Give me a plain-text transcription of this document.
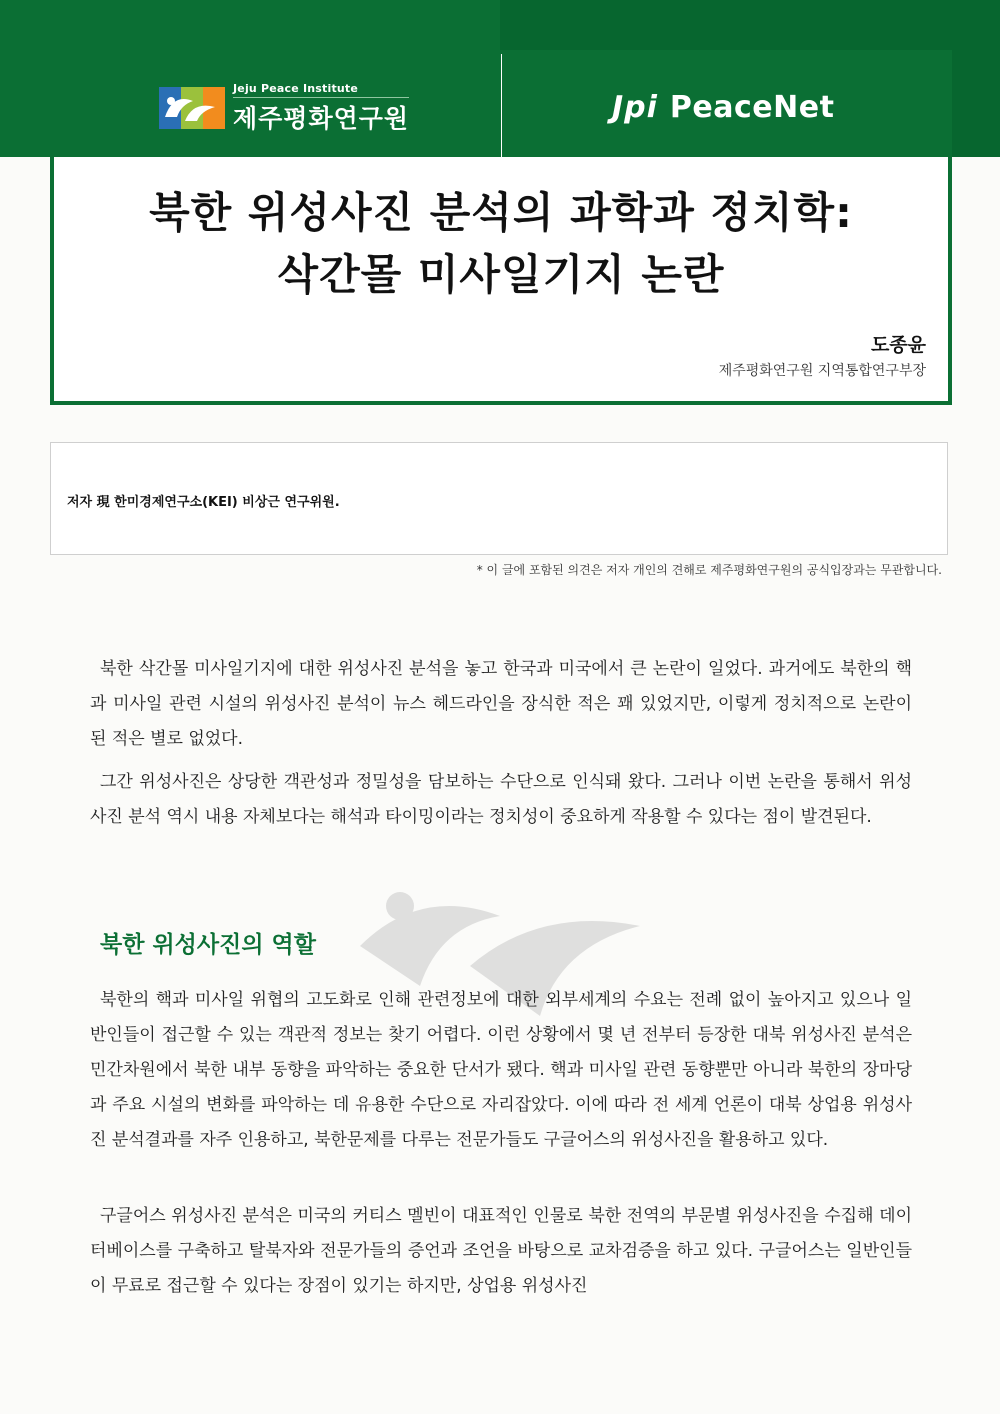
Jeju Peace Institute
제주평화연구원	Jpi PeaceNet
북한 위성사진 분석의 과학과 정치학:
삭간몰 미사일기지 논란
도종윤
제주평화연구원 지역통합연구부장
저자 現 한미경제연구소(KEI) 비상근 연구위원.
* 이 글에 포함된 의견은 저자 개인의 견해로 제주평화연구원의 공식입장과는 무관합니다.

북한 삭간몰 미사일기지에 대한 위성사진 분석을 놓고 한국과 미국에서 큰 논란이 일었다. 과거에도 북한의 핵과 미사일 관련 시설의 위성사진 분석이 뉴스 헤드라인을 장식한 적은 꽤 있었지만, 이렇게 정치적으로 논란이 된 적은 별로 없었다.

그간 위성사진은 상당한 객관성과 정밀성을 담보하는 수단으로 인식돼 왔다. 그러나 이번 논란을 통해서 위성사진 분석 역시 내용 자체보다는 해석과 타이밍이라는 정치성이 중요하게 작용할 수 있다는 점이 발견된다.

북한 위성사진의 역할

북한의 핵과 미사일 위협의 고도화로 인해 관련정보에 대한 외부세계의 수요는 전례 없이 높아지고 있으나 일반인들이 접근할 수 있는 객관적 정보는 찾기 어렵다. 이런 상황에서 몇 년 전부터 등장한 대북 위성사진 분석은 민간차원에서 북한 내부 동향을 파악하는 중요한 단서가 됐다. 핵과 미사일 관련 동향뿐만 아니라 북한의 장마당과 주요 시설의 변화를 파악하는 데 유용한 수단으로 자리잡았다. 이에 따라 전 세계 언론이 대북 상업용 위성사진 분석결과를 자주 인용하고, 북한문제를 다루는 전문가들도 구글어스의 위성사진을 활용하고 있다.

구글어스 위성사진 분석은 미국의 커티스 멜빈이 대표적인 인물로 북한 전역의 부문별 위성사진을 수집해 데이터베이스를 구축하고 탈북자와 전문가들의 증언과 조언을 바탕으로 교차검증을 하고 있다. 구글어스는 일반인들이 무료로 접근할 수 있다는 장점이 있기는 하지만, 상업용 위성사진
